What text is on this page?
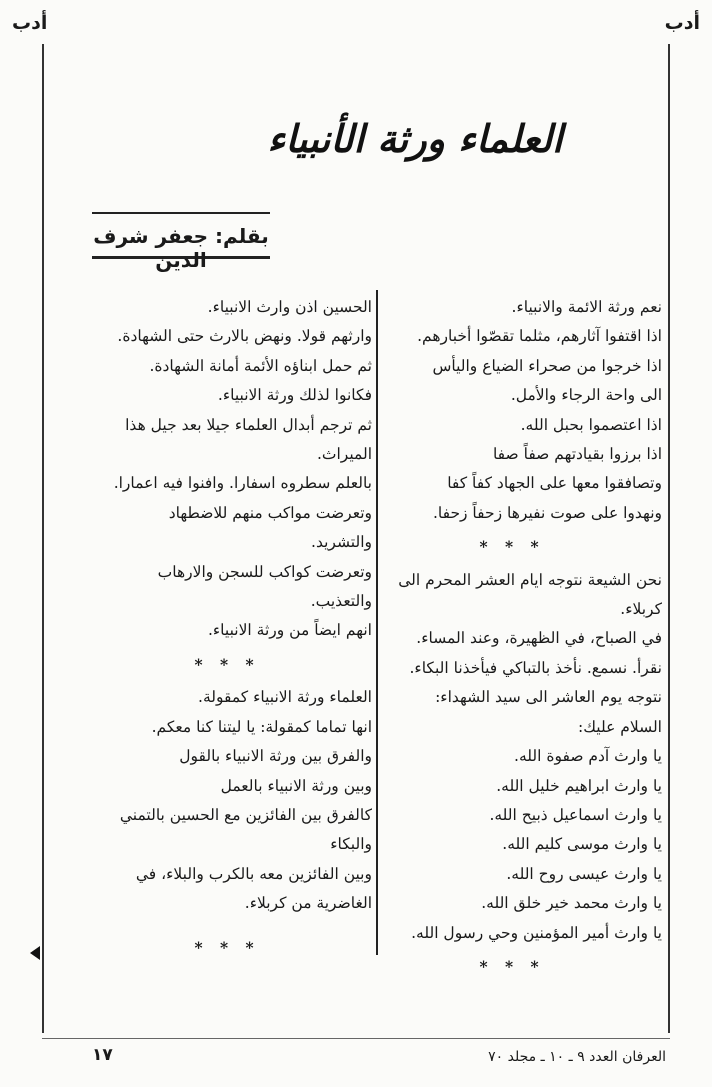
أدب
أدب
العلماء ورثة الأنبياء
بقلم: جعفر شرف الدين
نعم ورثة الائمة والانبياء.
اذا اقتفوا آثارهم، مثلما تقصّوا أخبارهم.
اذا خرجوا من صحراء الضياع واليأس
الى واحة الرجاء والأمل.
اذا اعتصموا بحبل الله.
اذا برزوا بقيادتهم صفاً صفا
وتصافقوا معها على الجهاد كفاً كفا
ونهدوا على صوت نفيرها زحفاً زحفا.
* * *
نحن الشيعة نتوجه ايام العشر المحرم الى
كربلاء.
في الصباح، في الظهيرة، وعند المساء.
نقرأ. نسمع. نأخذ بالتباكي فيأخذنا البكاء.
نتوجه يوم العاشر الى سيد الشهداء:
السلام عليك:
يا وارث آدم صفوة الله.
يا وارث ابراهيم خليل الله.
يا وارث اسماعيل ذبيح الله.
يا وارث موسى كليم الله.
يا وارث عيسى روح الله.
يا وارث محمد خير خلق الله.
يا وارث أمير المؤمنين وحي رسول الله.
* * *
الحسين اذن وارث الانبياء.
وارثهم قولا. ونهض بالارث حتى الشهادة.
ثم حمل ابناؤه الأئمة أمانة الشهادة.
فكانوا لذلك ورثة الانبياء.
ثم ترجم أبدال العلماء جيلا بعد جيل هذا
الميراث.
بالعلم سطروه اسفارا. وافنوا فيه اعمارا.
وتعرضت مواكب منهم للاضطهاد
والتشريد.
وتعرضت كواكب للسجن والارهاب
والتعذيب.
انهم ايضاً من ورثة الانبياء.
* * *
العلماء ورثة الانبياء كمقولة.
انها تماما كمقولة: يا ليتنا كنا معكم.
والفرق بين ورثة الانبياء بالقول
وبين ورثة الانبياء بالعمل
كالفرق بين الفائزين مع الحسين بالتمني
والبكاء
وبين الفائزين معه بالكرب والبلاء، في
الغاضرية من كربلاء.
* * *
١٧	العرفان العدد ٩ ـ ١٠ ـ مجلد ٧٠
